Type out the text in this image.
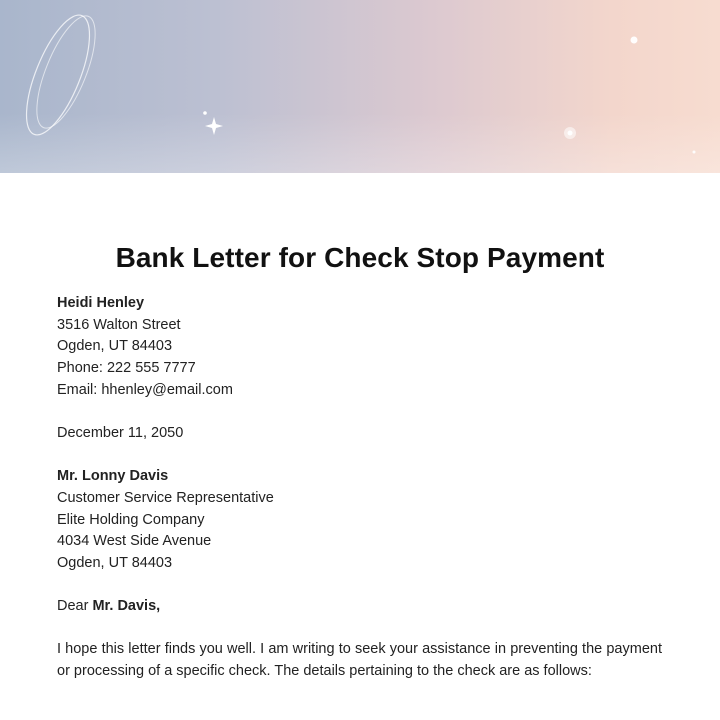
Bank Letter for Check Stop Payment
Heidi Henley
3516 Walton Street
Ogden, UT 84403
Phone: 222 555 7777
Email: hhenley@email.com
December 11, 2050
Mr. Lonny Davis
Customer Service Representative
Elite Holding Company
4034 West Side Avenue
Ogden, UT 84403
Dear Mr. Davis,
I hope this letter finds you well. I am writing to seek your assistance in preventing the payment or processing of a specific check. The details pertaining to the check are as follows:
